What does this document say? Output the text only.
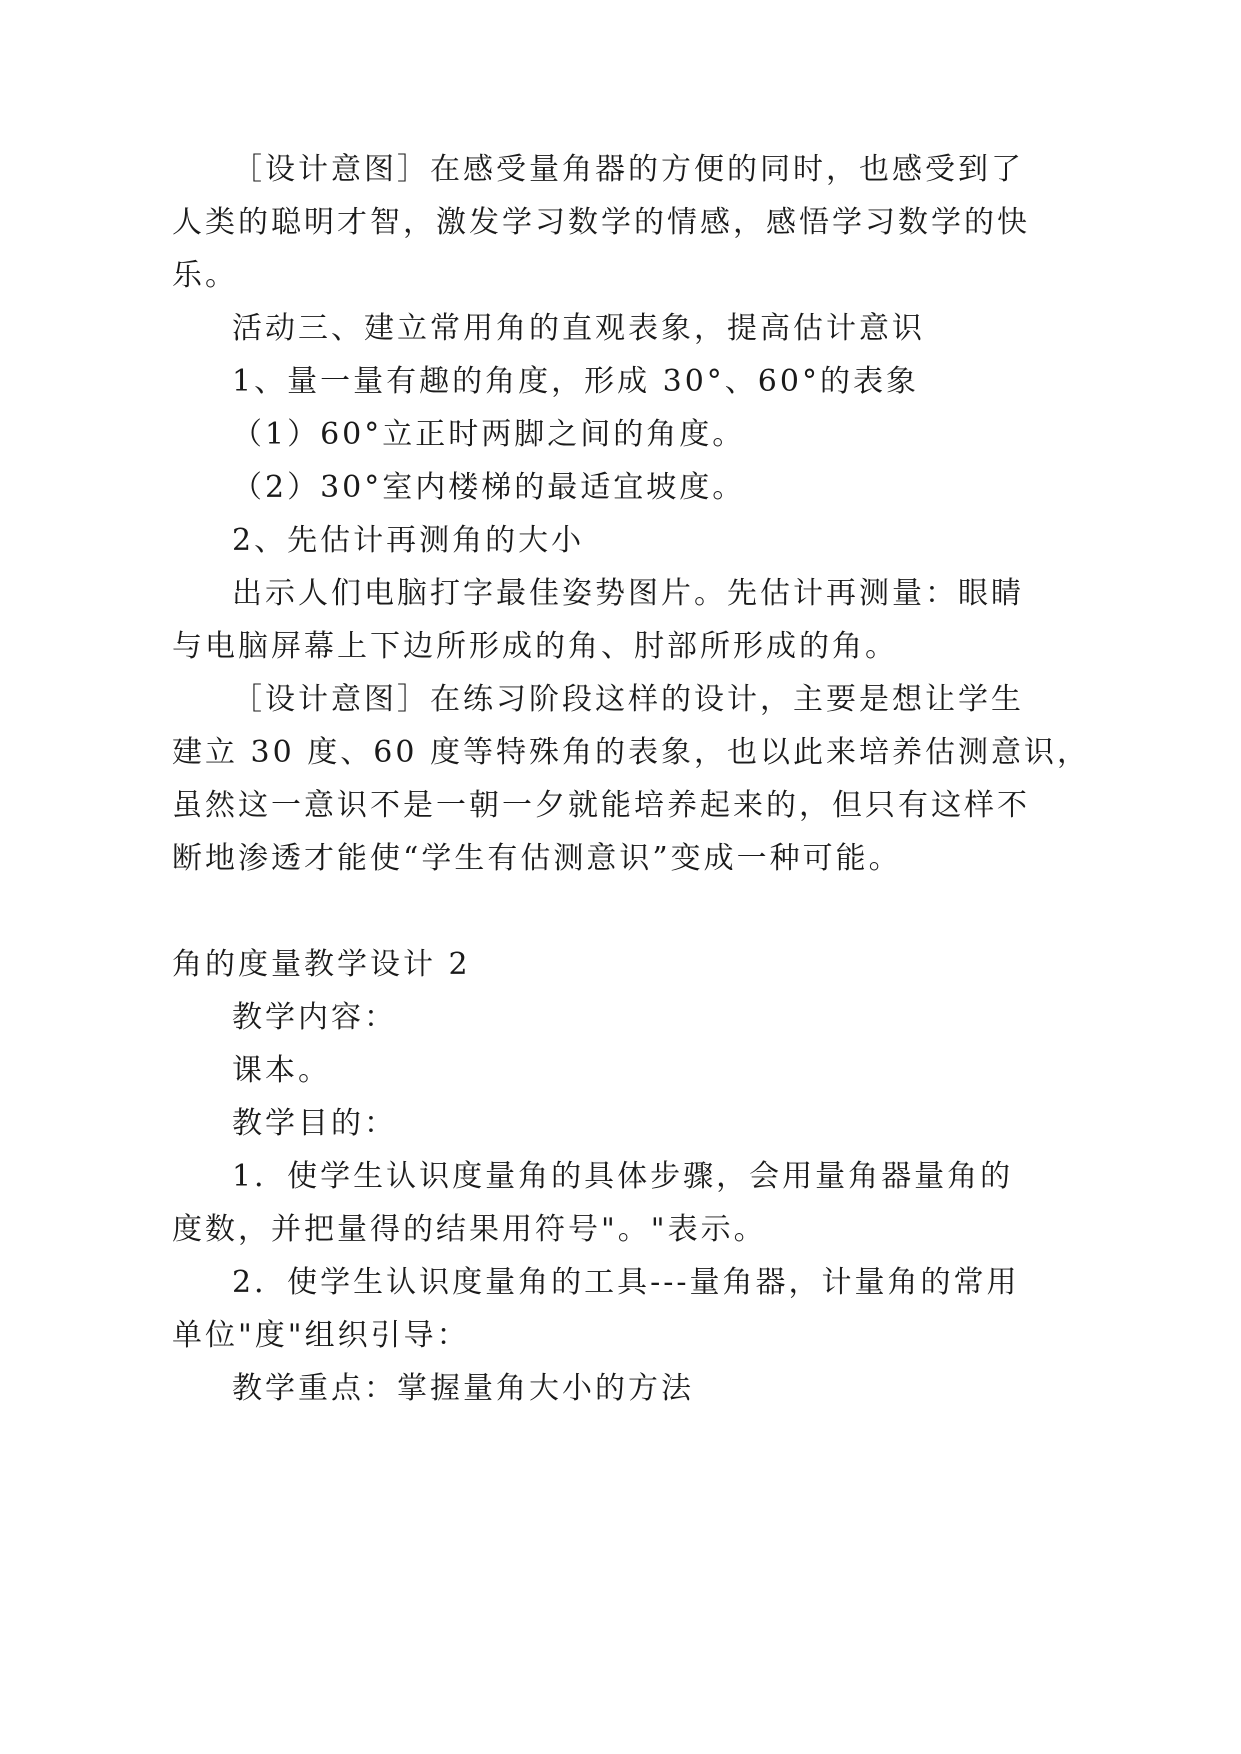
［设计意图］在感受量角器的方便的同时，也感受到了
人类的聪明才智，激发学习数学的情感，感悟学习数学的快
乐。
活动三、建立常用角的直观表象，提高估计意识
1、量一量有趣的角度，形成 30°、60°的表象
（1）60°立正时两脚之间的角度。
（2）30°室内楼梯的最适宜坡度。
2、先估计再测角的大小
出示人们电脑打字最佳姿势图片。先估计再测量：眼睛
与电脑屏幕上下边所形成的角、肘部所形成的角。
［设计意图］在练习阶段这样的设计，主要是想让学生
建立 30 度、60 度等特殊角的表象，也以此来培养估测意识，
虽然这一意识不是一朝一夕就能培养起来的，但只有这样不
断地渗透才能使“学生有估测意识”变成一种可能。
角的度量教学设计 2
教学内容：
课本。
教学目的：
1．使学生认识度量角的具体步骤，会用量角器量角的
度数，并把量得的结果用符号"。"表示。
2．使学生认识度量角的工具---量角器，计量角的常用
单位"度"组织引导：
教学重点：掌握量角大小的方法
